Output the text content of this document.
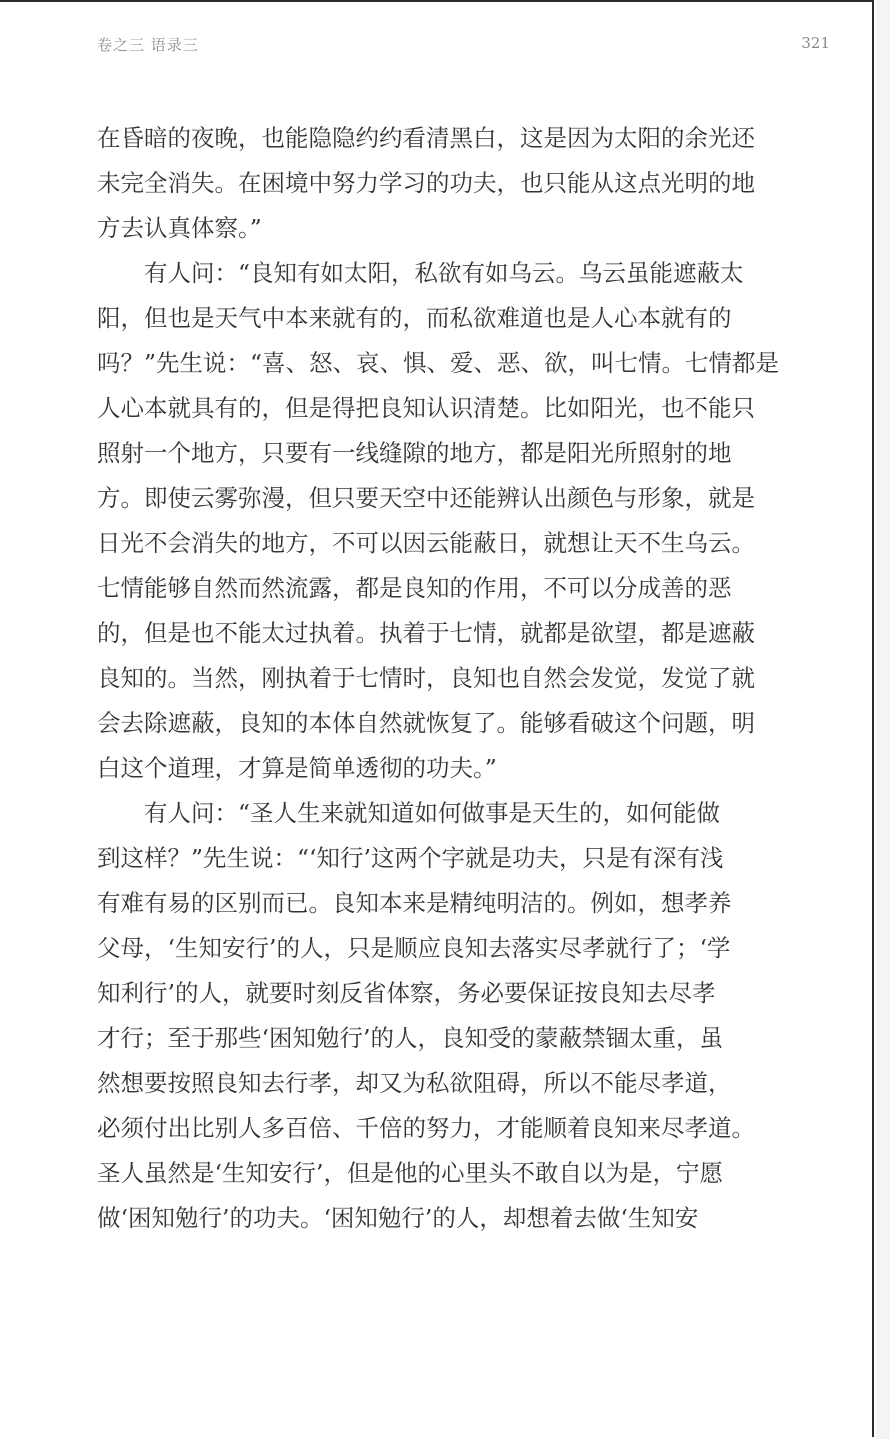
卷之三 语录三	321
在昏暗的夜晚，也能隐隐约约看清黑白，这是因为太阳的余光还
未完全消失。在困境中努力学习的功夫，也只能从这点光明的地
方去认真体察。”
　　有人问：“良知有如太阳，私欲有如乌云。乌云虽能遮蔽太
阳，但也是天气中本来就有的，而私欲难道也是人心本就有的
吗？”先生说：“喜、怒、哀、惧、爱、恶、欲，叫七情。七情都是
人心本就具有的，但是得把良知认识清楚。比如阳光，也不能只
照射一个地方，只要有一线缝隙的地方，都是阳光所照射的地
方。即使云雾弥漫，但只要天空中还能辨认出颜色与形象，就是
日光不会消失的地方，不可以因云能蔽日，就想让天不生乌云。
七情能够自然而然流露，都是良知的作用，不可以分成善的恶
的，但是也不能太过执着。执着于七情，就都是欲望，都是遮蔽
良知的。当然，刚执着于七情时，良知也自然会发觉，发觉了就
会去除遮蔽，良知的本体自然就恢复了。能够看破这个问题，明
白这个道理，才算是简单透彻的功夫。”
　　有人问：“圣人生来就知道如何做事是天生的，如何能做
到这样？”先生说：“‘知行’这两个字就是功夫，只是有深有浅
有难有易的区别而已。良知本来是精纯明洁的。例如，想孝养
父母，‘生知安行’的人，只是顺应良知去落实尽孝就行了；‘学
知利行’的人，就要时刻反省体察，务必要保证按良知去尽孝
才行；至于那些‘困知勉行’的人，良知受的蒙蔽禁锢太重，虽
然想要按照良知去行孝，却又为私欲阻碍，所以不能尽孝道，
必须付出比别人多百倍、千倍的努力，才能顺着良知来尽孝道。
圣人虽然是‘生知安行’，但是他的心里头不敢自以为是，宁愿
做‘困知勉行’的功夫。‘困知勉行’的人，却想着去做‘生知安
